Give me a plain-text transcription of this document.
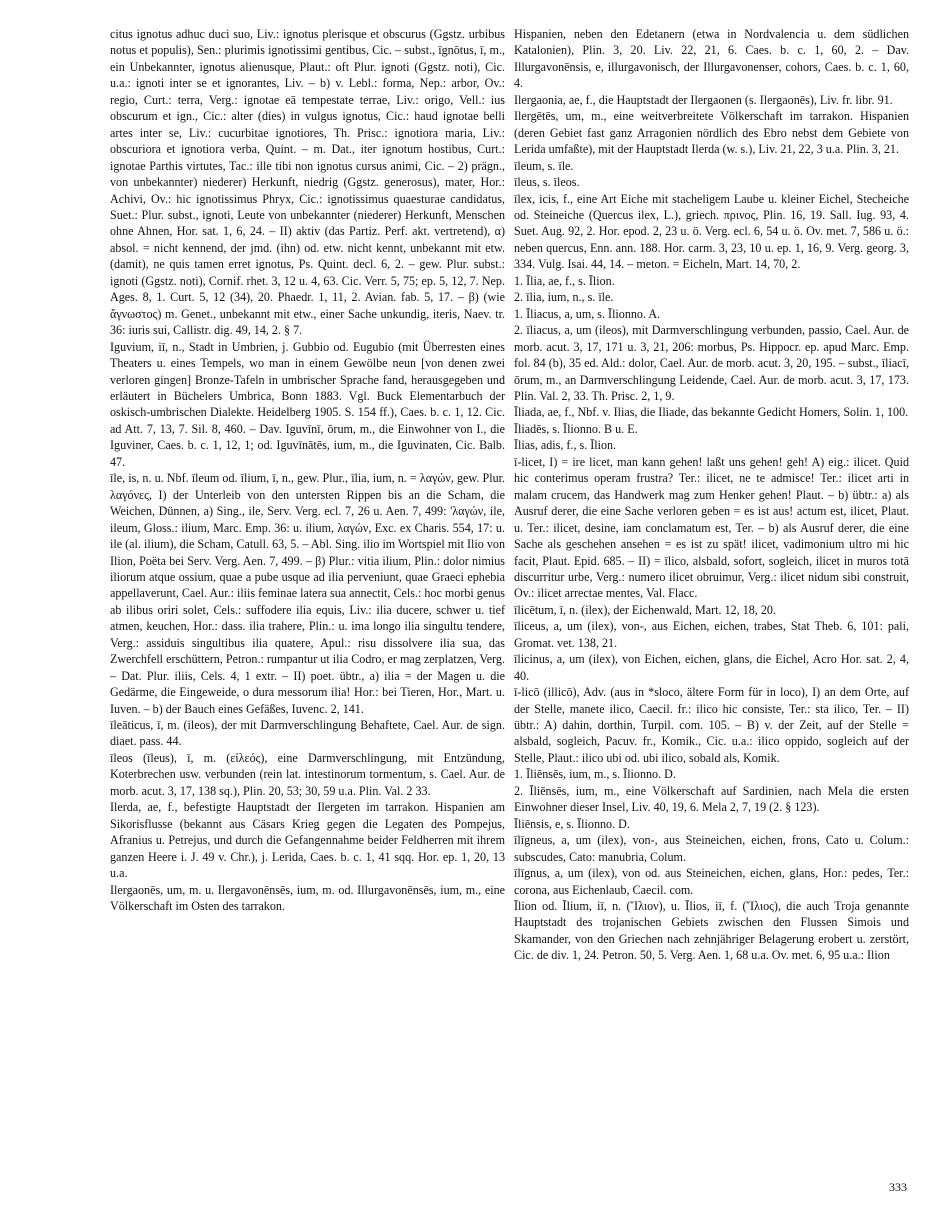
citus ignotus adhuc duci suo, Liv.: ignotus plerisque et obscurus (Ggstz. urbibus notus et populis), Sen.: plurimis ignotissimi gentibus, Cic. – subst., īgnōtus, ī, m., ein Unbekannter, ignotus alienusque, Plaut.: oft Plur. ignoti (Ggstz. noti), Cic. u.a.: ignoti inter se et ignorantes, Liv. – b) v. Lebl.: forma, Nep.: arbor, Ov.: regio, Curt.: terra, Verg.: ignotae eā tempestate terrae, Liv.: origo, Vell.: ius obscurum et ign., Cic.: alter (dies) in vulgus ignotus, Cic.: haud ignotae belli artes inter se, Liv.: cucurbitae ignotiores, Th. Prisc.: ignotiora maria, Liv.: obscuriora et ignotiora verba, Quint. – m. Dat., iter ignotum hostibus, Curt.: ignotae Parthis virtutes, Tac.: ille tibi non ignotus cursus animi, Cic. – 2) prägn., von unbekannter) niederer) Herkunft, niedrig (Ggstz. generosus), mater, Hor.: Achivi, Ov.: hic ignotissimus Phryx, Cic.: ignotissimus quaesturae candidatus, Suet.: Plur. subst., ignoti, Leute von unbekannter (niederer) Herkunft, Menschen ohne Ahnen, Hor. sat. 1, 6, 24. – II) aktiv (das Partiz. Perf. akt. vertretend), α) absol. = nicht kennend, der jmd. (ihn) od. etw. nicht kennt, unbekannt mit etw. (damit), ne quis tamen erret ignotus, Ps. Quint. decl. 6, 2. – gew. Plur. subst.: ignoti (Ggstz. noti), Cornif. rhet. 3, 12 u. 4, 63. Cic. Verr. 5, 75; ep. 5, 12, 7. Nep. Ages. 8, 1. Curt. 5, 12 (34), 20. Phaedr. 1, 11, 2. Avian. fab. 5, 17. – β) (wie ἄγνωστος) m. Genet., unbekannt mit etw., einer Sache unkundig, iteris, Naev. tr. 36: iuris sui, Callistr. dig. 49, 14, 2. § 7.

Iguvium, iī, n., Stadt in Umbrien, j. Gubbio od. Eugubio (mit Überresten eines Theaters u. eines Tempels, wo man in einem Gewölbe neun [von denen zwei verloren gingen] Bronze-Tafeln in umbrischer Sprache fand, herausgegeben und erläutert in Büchelers Umbrica, Bonn 1883. Vgl. Buck Elementarbuch der oskisch-umbrischen Dialekte. Heidelberg 1905. S. 154 ff.), Caes. b. c. 1, 12. Cic. ad Att. 7, 13, 7. Sil. 8, 460. – Dav. Iguvīnī, ōrum, m., die Einwohner von I., die Iguviner, Caes. b. c. 1, 12, 1; od. Iguvīnātēs, ium, m., die Iguvinaten, Cic. Balb. 47.

īle, is, n. u. Nbf. īleum od. īlium, ī, n., gew. Plur., īlia, ium, n. = λαγών, gew. Plur. λαγόνες, I) der Unterleib von den untersten Rippen bis an die Scham, die Weichen, Dünnen, a) Sing., ile, Serv. Verg. ecl. 7, 26 u. Aen. 7, 499: 'λαγών, ile, ileum, Gloss.: ilium, Marc. Emp. 36: u. ilium, λαγών, Exc. ex Charis. 554, 17: u. ile (al. ilium), die Scham, Catull. 63, 5. – Abl. Sing. ilio im Wortspiel mit Ilio von Ilion, Poëta bei Serv. Verg. Aen. 7, 499. – β) Plur.: vitia ilium, Plin.: dolor nimius iliorum atque ossium, quae a pube usque ad ilia perveniunt, quae Graeci ephebia appellaverunt, Cael. Aur.: iliis feminae latera sua annectit, Cels.: hoc morbi genus ab ilibus oriri solet, Cels.: suffodere ilia equis, Liv.: ilia ducere, schwer u. tief atmen, keuchen, Hor.: dass. ilia trahere, Plin.: u. ima longo ilia singultu tendere, Verg.: assiduis singultibus ilia quatere, Apul.: risu dissolvere ilia sua, das Zwerchfell erschüttern, Petron.: rumpantur ut ilia Codro, er mag zerplatzen, Verg. – Dat. Plur. iliis, Cels. 4, 1 extr. – II) poet. übtr., a) ilia = der Magen u. die Gedärme, die Eingeweide, o dura messorum ilia! Hor.: bei Tieren, Hor., Mart. u. Iuven. – b) der Bauch eines Gefäßes, Iuvenc. 2, 141.

īleāticus, ī, m. (ileos), der mit Darmverschlingung Behaftete, Cael. Aur. de sign. diaet. pass. 44.

īleos (īleus), ī, m. (εἰλεός), eine Darmverschlingung, mit Entzündung, Koterbrechen usw. verbunden (rein lat. intestinorum tormentum, s. Cael. Aur. de morb. acut. 3, 17, 138 sq.), Plin. 20, 53; 30, 59 u.a. Plin. Val. 2 33.

Ilerda, ae, f., befestigte Hauptstadt der Ilergeten im tarrakon. Hispanien am Sikorisflusse (bekannt aus Cäsars Krieg gegen die Legaten des Pompejus, Afranius u. Petrejus, und durch die Gefangennahme beider Feldherren mit ihrem ganzen Heere i. J. 49 v. Chr.), j. Lerida, Caes. b. c. 1, 41 sqq. Hor. ep. 1, 20, 13 u.a.

Ilergaonēs, um, m. u. Ilergavonēnsēs, ium, m. od. Illurgavonēnsēs, ium, m., eine Völkerschaft im Osten des tarrakon.

Hispanien, neben den Edetanern (etwa in Nordvalencia u. dem südlichen Katalonien), Plin. 3, 20. Liv. 22, 21, 6. Caes. b. c. 1, 60, 2. – Dav. Illurgavonēnsis, e, illurgavonisch, der Illurgavonenser, cohors, Caes. b. c. 1, 60, 4.

Ilergaonia, ae, f., die Hauptstadt der Ilergaonen (s. Ilergaonēs), Liv. fr. libr. 91.

Ilergētēs, um, m., eine weitverbreitete Völkerschaft im tarrakon. Hispanien (deren Gebiet fast ganz Arragonien nördlich des Ebro nebst dem Gebiete von Lerida umfaßte), mit der Hauptstadt Ilerda (w. s.), Liv. 21, 22, 3 u.a. Plin. 3, 21.

īleum, s. īle.

īleus, s. īleos.

īlex, icis, f., eine Art Eiche mit stacheligem Laube u. kleiner Eichel, Stecheiche od. Steineiche (Quercus ilex, L.), griech. πρινος, Plin. 16, 19. Sall. Iug. 93, 4. Suet. Aug. 92, 2. Hor. epod. 2, 23 u. ö. Verg. ecl. 6, 54 u. ö. Ov. met. 7, 586 u. ö.: neben quercus, Enn. ann. 188. Hor. carm. 3, 23, 10 u. ep. 1, 16, 9. Verg. georg. 3, 334. Vulg. Isai. 44, 14. – meton. = Eicheln, Mart. 14, 70, 2.

1. Īlia, ae, f., s. Īlion.

2. īlia, ium, n., s. īle.

1. Īliacus, a, um, s. Īlionno. A.

2. īliacus, a, um (ileos), mit Darmverschlingung verbunden, passio, Cael. Aur. de morb. acut. 3, 17, 171 u. 3, 21, 206: morbus, Ps. Hippocr. ep. apud Marc. Emp. fol. 84 (b), 35 ed. Ald.: dolor, Cael. Aur. de morb. acut. 3, 20, 195. – subst., īliacī, ōrum, m., an Darmverschlingung Leidende, Cael. Aur. de morb. acut. 3, 17, 173. Plin. Val. 2, 33. Th. Prisc. 2, 1, 9.

Īliada, ae, f., Nbf. v. Ilias, die Iliade, das bekannte Gedicht Homers, Solin. 1, 100.

Īliadēs, s. Īlionno. B u. E.

Īlias, adis, f., s. Īlion.

ī-licet, I) = ire licet, man kann gehen! laßt uns gehen! geh! A) eig.: ilicet. Quid hic conterimus operam frustra? Ter.: ilicet, ne te admisce! Ter.: ilicet arti in malam crucem, das Handwerk mag zum Henker gehen! Plaut. – b) übtr.: a) als Ausruf derer, die eine Sache verloren geben = es ist aus! actum est, ilicet, Plaut. u. Ter.: ilicet, desine, iam conclamatum est, Ter. – b) als Ausruf derer, die eine Sache als geschehen ansehen = es ist zu spät! ilicet, vadimonium ultro mi hic facit, Plaut. Epid. 685. – II) = īlico, alsbald, sofort, sogleich, ilicet in muros totā discurritur urbe, Verg.: numero ilicet obruimur, Verg.: ilicet nidum sibi construit, Ov.: ilicet arrectae mentes, Val. Flacc.

īlicētum, ī, n. (ilex), der Eichenwald, Mart. 12, 18, 20.

īliceus, a, um (ilex), von-, aus Eichen, eichen, trabes, Stat Theb. 6, 101: pali, Gromat. vet. 138, 21.

īlicinus, a, um (ilex), von Eichen, eichen, glans, die Eichel, Acro Hor. sat. 2, 4, 40.

ī-licō (illicō), Adv. (aus in *sloco, ältere Form für in loco), I) an dem Orte, auf der Stelle, manete ilico, Caecil. fr.: ilico hic consiste, Ter.: sta ilico, Ter. – II) übtr.: A) dahin, dorthin, Turpil. com. 105. – B) v. der Zeit, auf der Stelle = alsbald, sogleich, Pacuv. fr., Komik., Cic. u.a.: ilico oppido, sogleich auf der Stelle, Plaut.: ilico ubi od. ubi ilico, sobald als, Komik.

1. Īliēnsēs, ium, m., s. Īlionno. D.

2. Īliēnsēs, ium, m., eine Völkerschaft auf Sardinien, nach Mela die ersten Einwohner dieser Insel, Liv. 40, 19, 6. Mela 2, 7, 19 (2. § 123).

Īliēnsis, e, s. Īlionno. D.

īlīgneus, a, um (ilex), von-, aus Steineichen, eichen, frons, Cato u. Colum.: subscudes, Cato: manubria, Colum.

īlīgnus, a, um (ilex), von od. aus Steineichen, eichen, glans, Hor.: pedes, Ter.: corona, aus Eichenlaub, Caecil. com.

Īlion od. Īlium, iī, n. (Ἴλιον), u. Īlios, iī, f. (Ἴλιος), die auch Troja genannte Hauptstadt des trojanischen Gebiets zwischen den Flussen Simois und Skamander, von den Griechen nach zehnjähriger Belagerung erobert u. zerstört, Cic. de div. 1, 24. Petron. 50, 5. Verg. Aen. 1, 68 u.a. Ov. met. 6, 95 u.a.: Ilion

333
